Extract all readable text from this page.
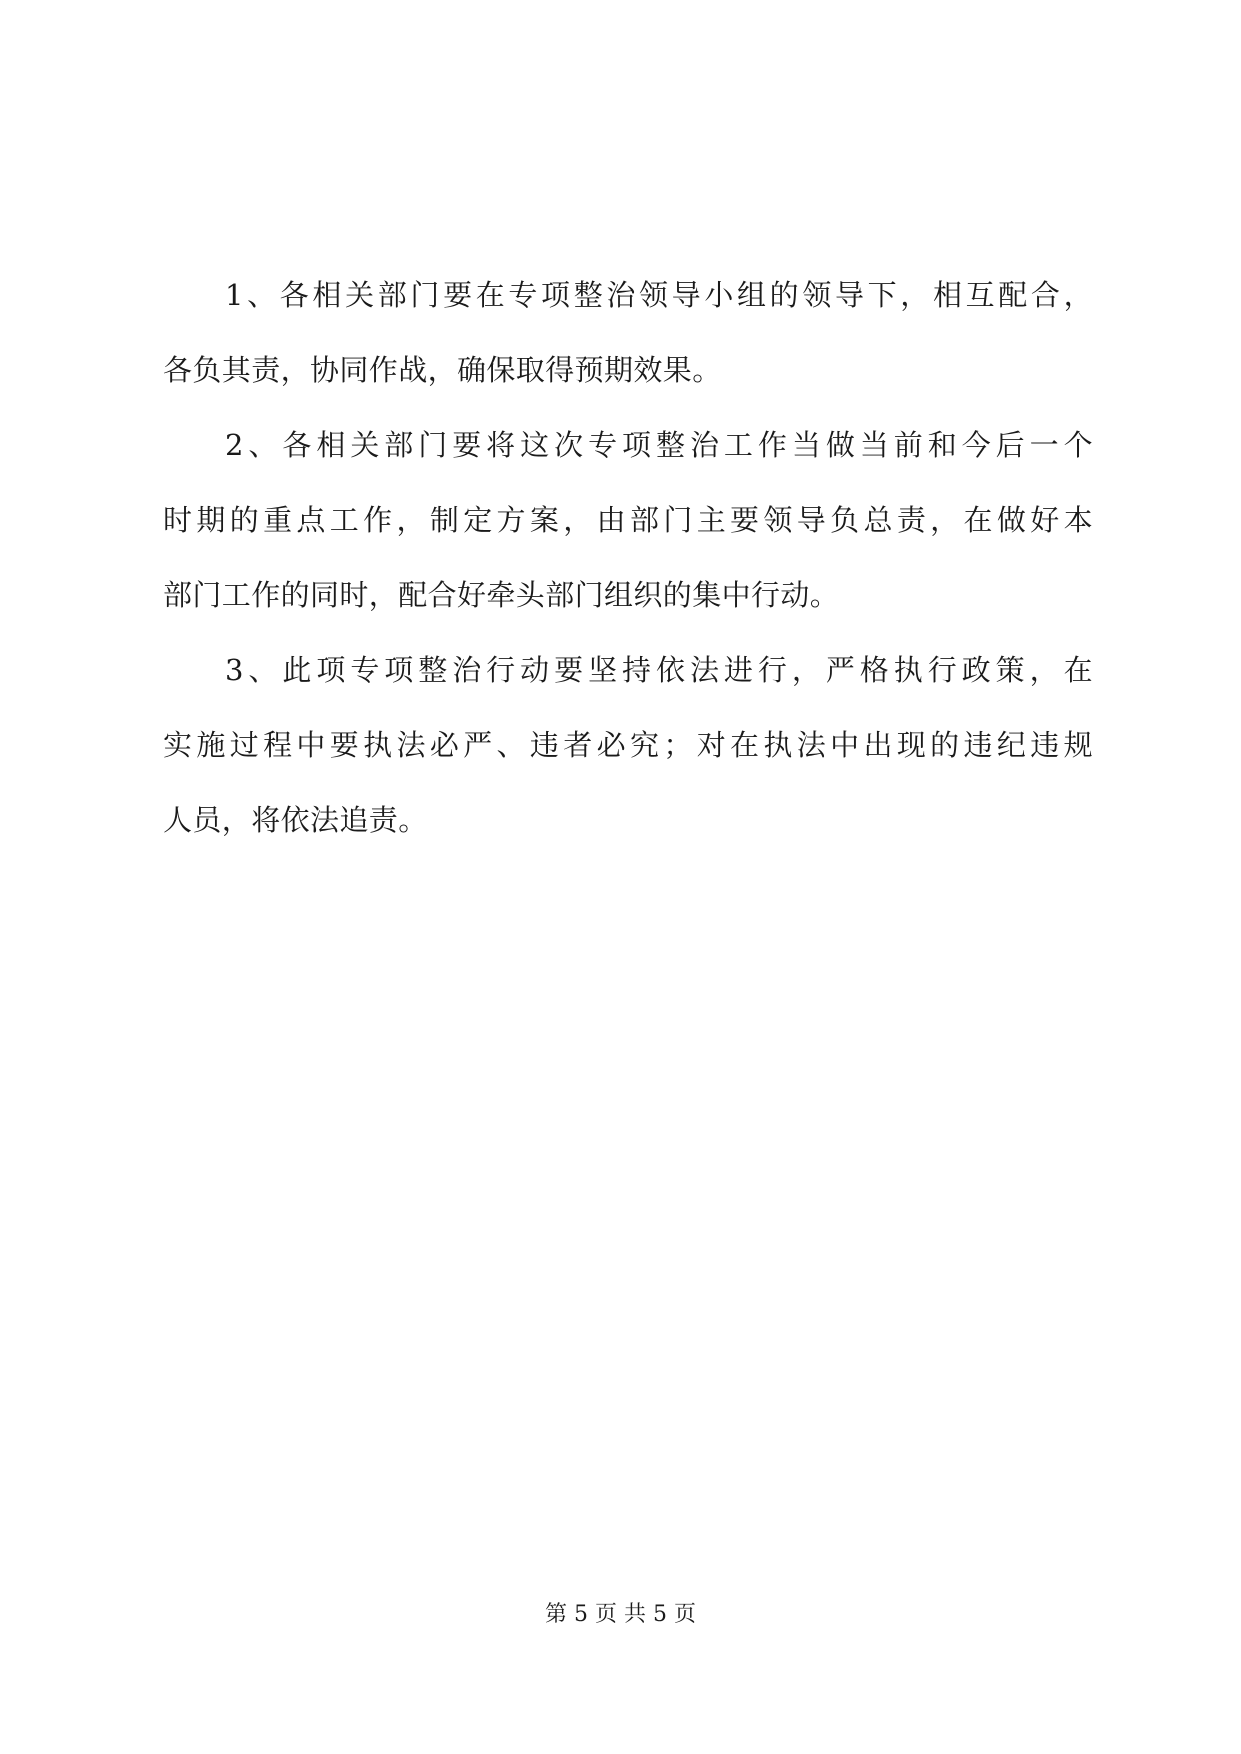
1、各相关部门要在专项整治领导小组的领导下，相互配合，
各负其责，协同作战，确保取得预期效果。
2、各相关部门要将这次专项整治工作当做当前和今后一个
时期的重点工作，制定方案，由部门主要领导负总责，在做好本
部门工作的同时，配合好牵头部门组织的集中行动。
3、此项专项整治行动要坚持依法进行，严格执行政策，在
实施过程中要执法必严、违者必究；对在执法中出现的违纪违规
人员，将依法追责。
第 5 页 共 5 页
